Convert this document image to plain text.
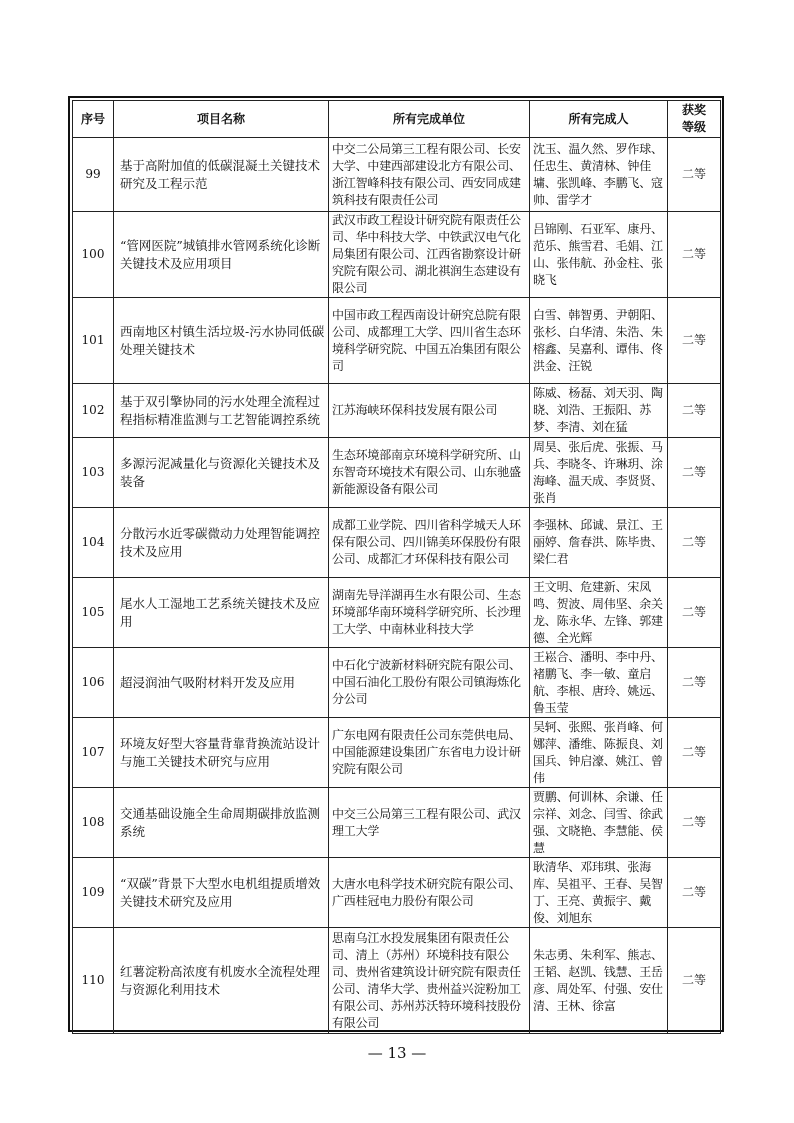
序号	项目名称	所有完成单位	所有完成人	获奖
等级

99	基于高附加值的低碳混凝土关键技术研究及工程示范	中交二公局第三工程有限公司、长安大学、中建西部建设北方有限公司、浙江智峰科技有限公司、西安同成建筑科技有限责任公司	沈玉、温久然、罗作球、任忠生、黄清林、钟佳墉、张凯峰、李鹏飞、寇帅、雷学才	二等
100	“管网医院”城镇排水管网系统化诊断关键技术及应用项目	武汉市政工程设计研究院有限责任公司、华中科技大学、中铁武汉电气化局集团有限公司、江西省勘察设计研究院有限公司、湖北祺润生态建设有限公司	吕锦刚、石亚军、康丹、范乐、熊雪君、毛娟、江山、张伟航、孙金柱、张晓飞	二等
101	西南地区村镇生活垃圾-污水协同低碳处理关键技术	中国市政工程西南设计研究总院有限公司、成都理工大学、四川省生态环境科学研究院、中国五冶集团有限公司	白雪、韩智勇、尹朝阳、张杉、白华清、朱浩、朱榕鑫、吴嘉利、谭伟、佟洪金、汪锐	二等
102	基于双引擎协同的污水处理全流程过程指标精准监测与工艺智能调控系统	江苏海峡环保科技发展有限公司	陈威、杨磊、刘天羽、陶晓、刘浩、王振阳、苏梦、李清、刘在猛	二等
103	多源污泥减量化与资源化关键技术及装备	生态环境部南京环境科学研究所、山东智奇环境技术有限公司、山东驰盛新能源设备有限公司	周昊、张后虎、张振、马兵、李晓冬、许琳玥、涂海峰、温天成、李贤贤、张肖	二等
104	分散污水近零碳微动力处理智能调控技术及应用	成都工业学院、四川省科学城天人环保有限公司、四川锦美环保股份有限公司、成都汇才环保科技有限公司	李强林、邱诚、景江、王丽婷、詹春洪、陈毕贵、梁仁君	二等
105	尾水人工湿地工艺系统关键技术及应用	湖南先导洋湖再生水有限公司、生态环境部华南环境科学研究所、长沙理工大学、中南林业科技大学	王文明、危建新、宋凤鸣、贺波、周伟坚、余关龙、陈永华、左锋、郭建德、全光辉	二等
106	超浸润油气吸附材料开发及应用	中石化宁波新材料研究院有限公司、中国石油化工股份有限公司镇海炼化分公司	王崧合、潘明、李中丹、褚鹏飞、李一敏、童启航、李根、唐玲、姚远、鲁玉莹	二等
107	环境友好型大容量背靠背换流站设计与施工关键技术研究与应用	广东电网有限责任公司东莞供电局、中国能源建设集团广东省电力设计研究院有限公司	吴轲、张熙、张肖峰、何娜萍、潘维、陈振良、刘国兵、钟启濠、姚江、曾伟	二等
108	交通基础设施全生命周期碳排放监测系统	中交三公局第三工程有限公司、武汉理工大学	贾鹏、何训林、余谦、任宗祥、刘念、闫雪、徐武强、文晓艳、李慧能、侯慧	二等
109	“双碳”背景下大型水电机组提质增效关键技术研究及应用	大唐水电科学技术研究院有限公司、广西桂冠电力股份有限公司	耿清华、邓玮琪、张海库、吴祖平、王春、吴智丁、王亮、黄振宇、戴俊、刘旭东	二等
110	红薯淀粉高浓度有机废水全流程处理与资源化利用技术	思南乌江水投发展集团有限责任公司、清上（苏州）环境科技有限公司、贵州省建筑设计研究院有限责任公司、清华大学、贵州益兴淀粉加工有限公司、苏州苏沃特环境科技股份有限公司	朱志勇、朱利军、熊志、王韬、赵凯、钱慧、王岳彦、周处军、付强、安仕清、王林、徐富	二等
— 13 —
